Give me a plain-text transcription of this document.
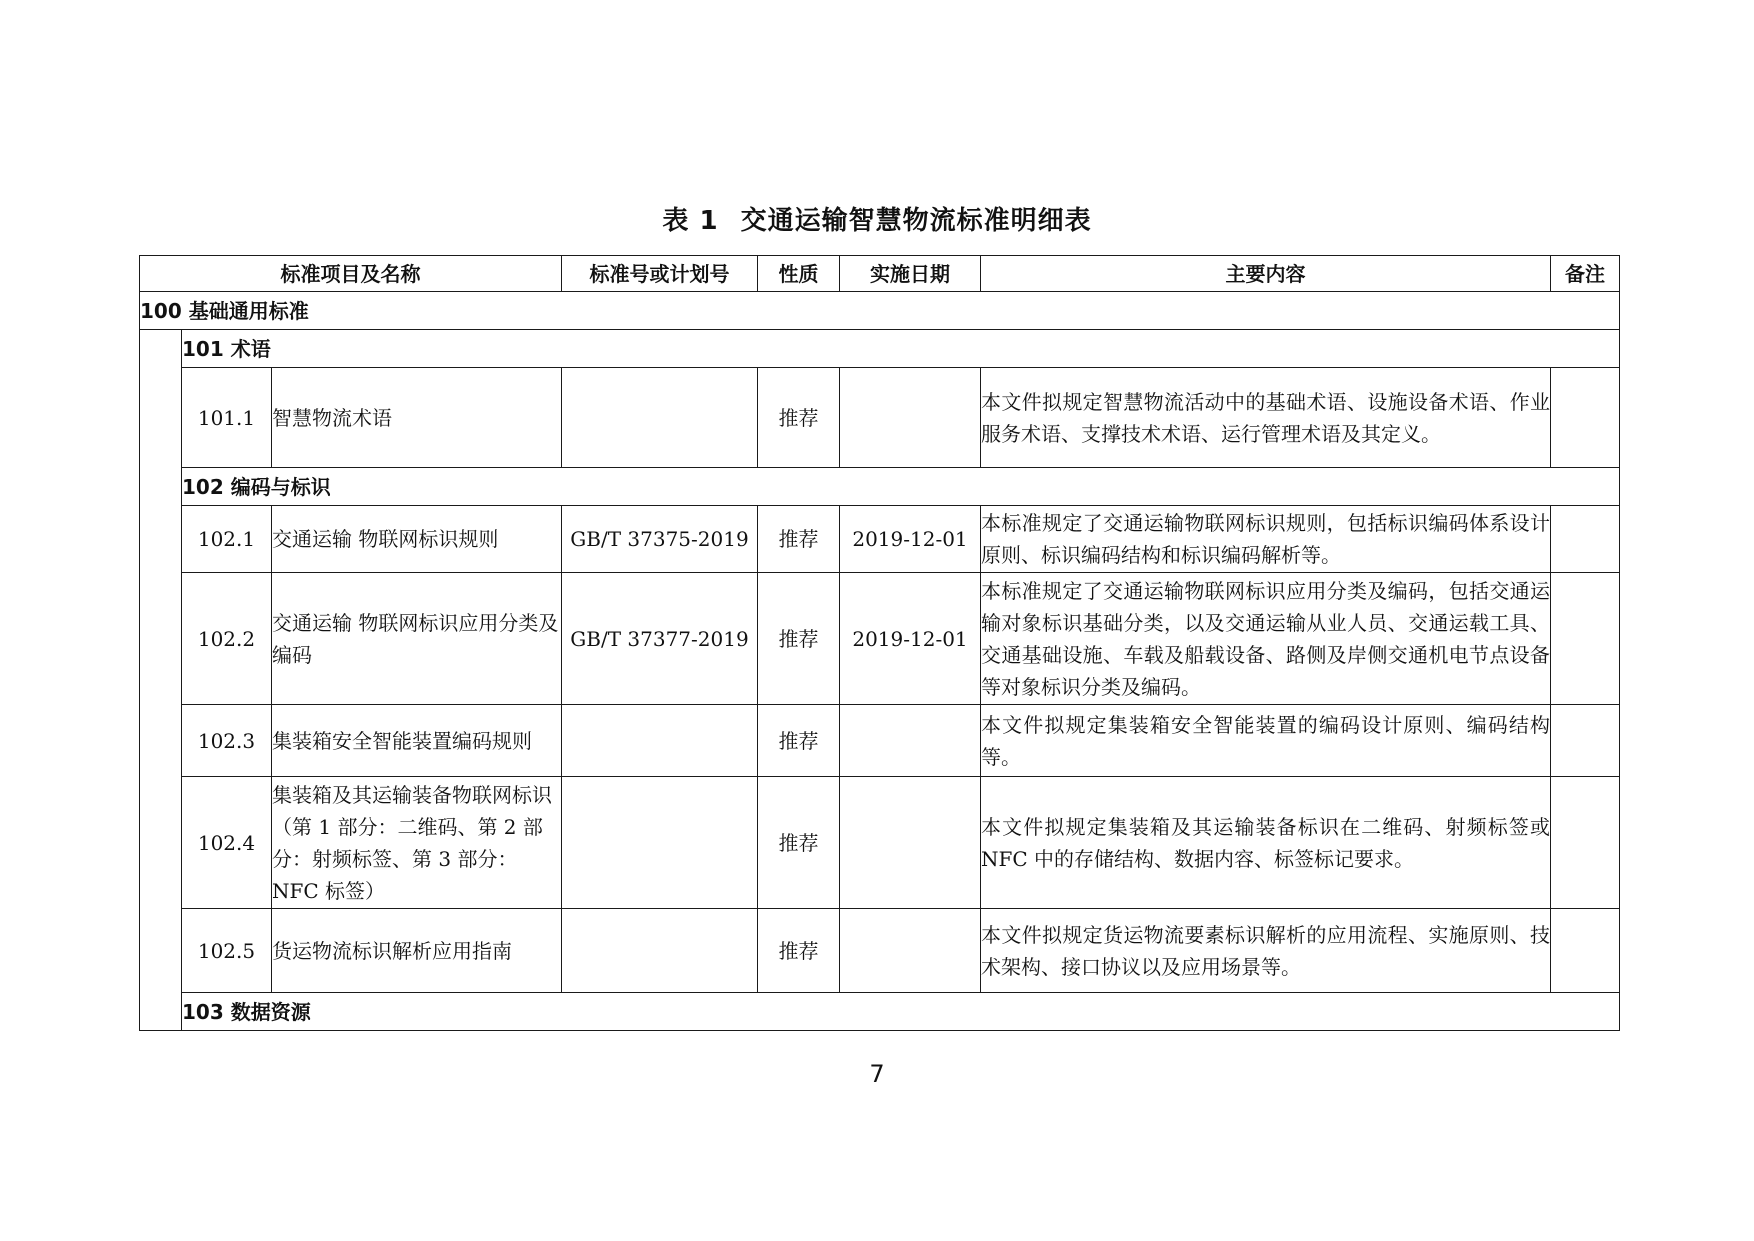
表 1 交通运输智慧物流标准明细表
标准项目及名称			标准号或计划号	性质	实施日期	主要内容	备注
100 基础通用标准							
	101 术语						
	101.1	智慧物流术语		推荐		本文件拟规定智慧物流活动中的基础术语、设施设备术语、作业服务术语、支撑技术术语、运行管理术语及其定义。	
	102 编码与标识						
	102.1	交通运输 物联网标识规则	GB/T 37375-2019	推荐	2019-12-01	本标准规定了交通运输物联网标识规则，包括标识编码体系设计原则、标识编码结构和标识编码解析等。	
	102.2	交通运输 物联网标识应用分类及编码	GB/T 37377-2019	推荐	2019-12-01	本标准规定了交通运输物联网标识应用分类及编码，包括交通运输对象标识基础分类，以及交通运输从业人员、交通运载工具、交通基础设施、车载及船载设备、路侧及岸侧交通机电节点设备等对象标识分类及编码。	
	102.3	集装箱安全智能装置编码规则		推荐		本文件拟规定集装箱安全智能装置的编码设计原则、编码结构等。	
	102.4	集装箱及其运输装备物联网标识（第 1 部分：二维码、第 2 部分：射频标签、第 3 部分：NFC 标签）		推荐		本文件拟规定集装箱及其运输装备标识在二维码、射频标签或 NFC 中的存储结构、数据内容、标签标记要求。	
	102.5	货运物流标识解析应用指南		推荐		本文件拟规定货运物流要素标识解析的应用流程、实施原则、技术架构、接口协议以及应用场景等。	
	103 数据资源						
7
